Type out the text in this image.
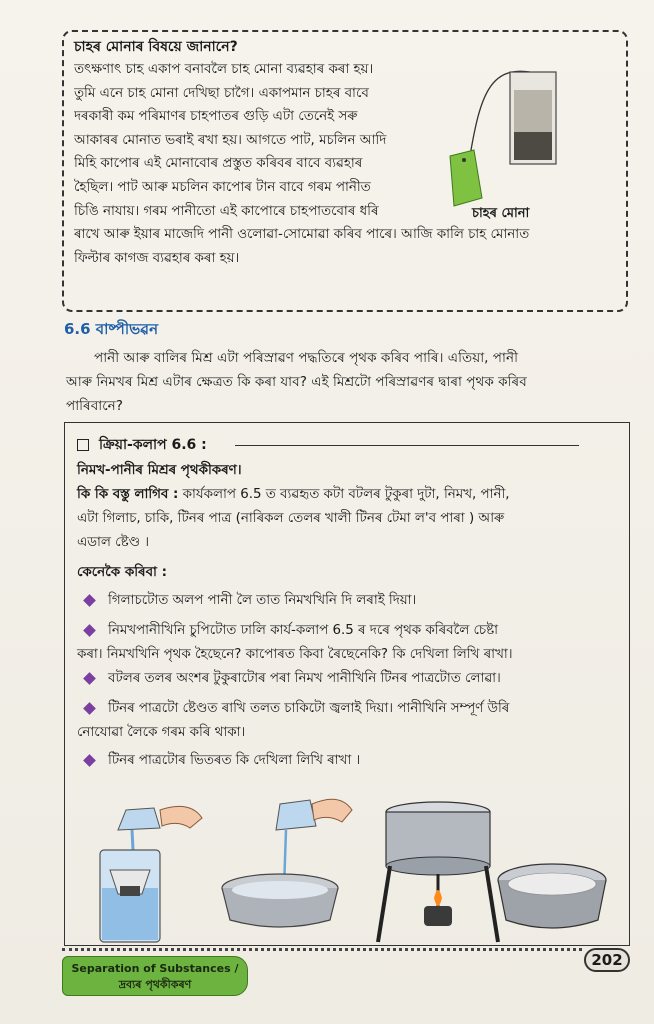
চাহৰ মোনাৰ বিষয়ে জানানে?
তৎক্ষণাৎ চাহ একাপ বনাবলৈ চাহ মোনা ব্যৱহাৰ কৰা হয়।
তুমি এনে চাহ মোনা দেখিছা চাগৈ। একাপমান চাহৰ বাবে
দৰকাৰী কম পৰিমাণৰ চাহপাতৰ গুড়ি এটা তেনেই সৰু
আকাৰৰ মোনাত ভৰাই ৰখা হয়। আগতে পাট, মচলিন আদি
মিহি কাপোৰ এই মোনাবোৰ প্ৰস্তুত কৰিবৰ বাবে ব্যৱহাৰ
হৈছিল। পাট আৰু মচলিন কাপোৰ টান বাবে গৰম পানীত
চিঙি নাযায়। গৰম পানীতো এই কাপোৰে চাহপাতবোৰ ধৰি
ৰাখে আৰু ইয়াৰ মাজেদি পানী ওলোৱা-সোমোৱা কৰিব পাৰে। আজি কালি চাহ মোনাত
ফিল্টাৰ কাগজ ব্যৱহাৰ কৰা হয়।
চাহৰ মোনা
6.6 বাষ্পীভৱন
পানী আৰু বালিৰ মিশ্ৰ এটা পৰিস্ৰাৱণ পদ্ধতিৰে পৃথক কৰিব পাৰি। এতিয়া, পানী
আৰু নিমখৰ মিশ্ৰ এটাৰ ক্ষেত্ৰত কি কৰা যাব? এই মিশ্ৰটো পৰিস্ৰাৱণৰ দ্বাৰা পৃথক কৰিব
পাৰিবানে?
ক্ৰিয়া-কলাপ 6.6 :
নিমখ-পানীৰ মিশ্ৰৰ পৃথকীকৰণ।
কি কি বস্তু লাগিব : কাৰ্যকলাপ 6.5 ত ব্যৱহৃত কটা বটলৰ টুকুৰা দুটা, নিমখ, পানী,
এটা গিলাচ, চাকি, টিনৰ পাত্ৰ (নাৰিকল তেলৰ খালী টিনৰ টেমা ল'ব পাৰা ) আৰু
এডাল ষ্টেণ্ড ।
কেনেকৈ কৰিবা :
গিলাচটোত অলপ পানী লৈ তাত নিমখখিনি দি লৰাই দিয়া।
নিমখপানীখিনি চুপিটোত ঢালি কাৰ্য-কলাপ 6.5 ৰ দৰে পৃথক কৰিবলৈ চেষ্টা
কৰা। নিমখখিনি পৃথক হৈছেনে? কাপোৰত কিবা ৰৈছেনেকি? কি দেখিলা লিখি ৰাখা।
বটলৰ তলৰ অংশৰ টুকুৰাটোৰ পৰা নিমখ পানীখিনি টিনৰ পাত্ৰটোত লোৱা।
টিনৰ পাত্ৰটো ষ্টেণ্ডত ৰাখি তলত চাকিটো জ্বলাই দিয়া। পানীখিনি সম্পূৰ্ণ উৰি
নোযোৱা লৈকে গৰম কৰি থাকা।
টিনৰ পাত্ৰটোৰ ভিতৰত কি দেখিলা লিখি ৰাখা ।
Separation of Substances /
দ্ৰব্যৰ পৃথকীকৰণ
202
